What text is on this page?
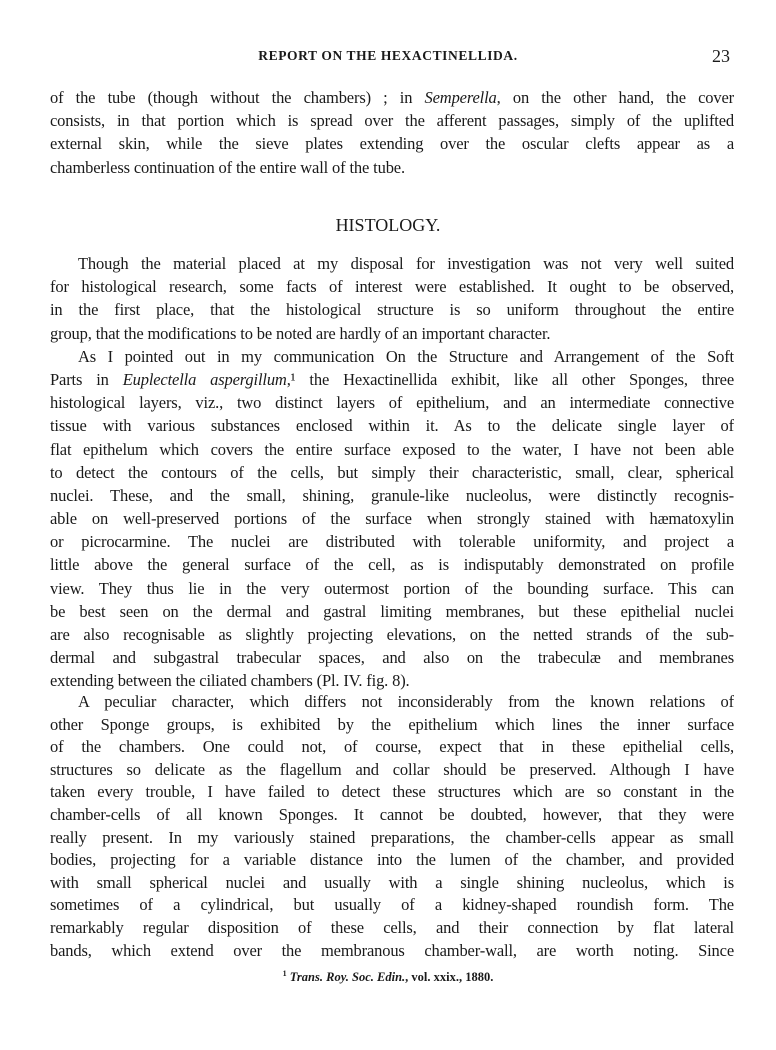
REPORT ON THE HEXACTINELLIDA.	23
of the tube (though without the chambers) ; in Semperella, on the other hand, the cover
consists, in that portion which is spread over the afferent passages, simply of the uplifted
external skin, while the sieve plates extending over the oscular clefts appear as a
chamberless continuation of the entire wall of the tube.
HISTOLOGY.
Though the material placed at my disposal for investigation was not very well suited
for histological research, some facts of interest were established. It ought to be observed,
in the first place, that the histological structure is so uniform throughout the entire
group, that the modifications to be noted are hardly of an important character.
As I pointed out in my communication On the Structure and Arrangement of the Soft
Parts in Euplectella aspergillum,¹ the Hexactinellida exhibit, like all other Sponges, three
histological layers, viz., two distinct layers of epithelium, and an intermediate connective
tissue with various substances enclosed within it. As to the delicate single layer of
flat epithelum which covers the entire surface exposed to the water, I have not been able
to detect the contours of the cells, but simply their characteristic, small, clear, spherical
nuclei. These, and the small, shining, granule-like nucleolus, were distinctly recognis-
able on well-preserved portions of the surface when strongly stained with hæmatoxylin
or picrocarmine. The nuclei are distributed with tolerable uniformity, and project a
little above the general surface of the cell, as is indisputably demonstrated on profile
view. They thus lie in the very outermost portion of the bounding surface. This can
be best seen on the dermal and gastral limiting membranes, but these epithelial nuclei
are also recognisable as slightly projecting elevations, on the netted strands of the sub-
dermal and subgastral trabecular spaces, and also on the trabeculæ and membranes
extending between the ciliated chambers (Pl. IV. fig. 8).
A peculiar character, which differs not inconsiderably from the known relations of
other Sponge groups, is exhibited by the epithelium which lines the inner surface
of the chambers. One could not, of course, expect that in these epithelial cells,
structures so delicate as the flagellum and collar should be preserved. Although I have
taken every trouble, I have failed to detect these structures which are so constant in the
chamber-cells of all known Sponges. It cannot be doubted, however, that they were
really present. In my variously stained preparations, the chamber-cells appear as small
bodies, projecting for a variable distance into the lumen of the chamber, and provided
with small spherical nuclei and usually with a single shining nucleolus, which is
sometimes of a cylindrical, but usually of a kidney-shaped roundish form. The
remarkably regular disposition of these cells, and their connection by flat lateral
bands, which extend over the membranous chamber-wall, are worth noting. Since
$^1$ Trans. Roy. Soc. Edin., vol. xxix., 1880.
